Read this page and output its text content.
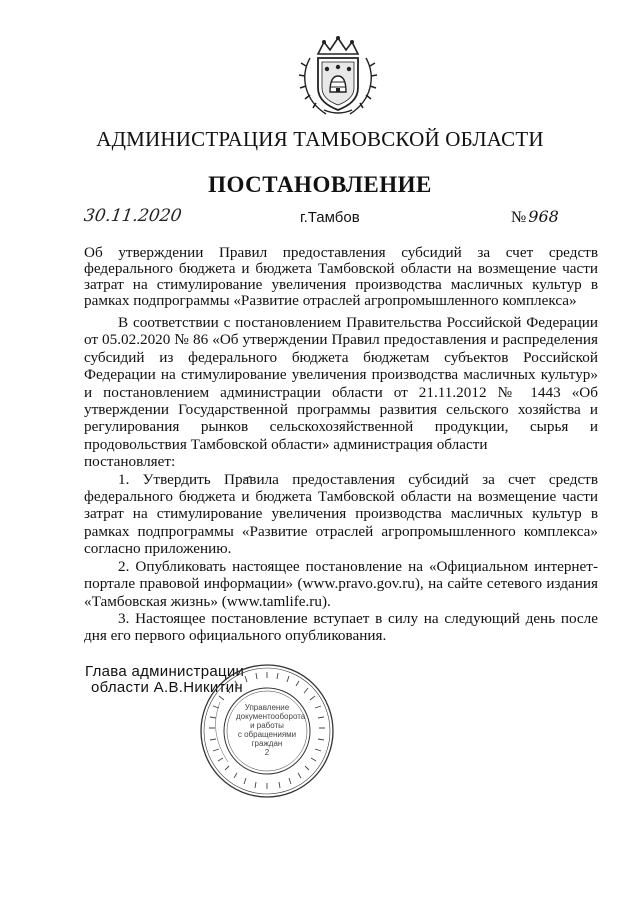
АДМИНИСТРАЦИЯ ТАМБОВСКОЙ ОБЛАСТИ
ПОСТАНОВЛЕНИЕ
30.11.2020	г.Тамбов	№ 968
Об утверждении Правил предоставления субсидий за счет средств федерального бюджета и бюджета Тамбовской области на возмещение части затрат на стимулирование увеличения производства масличных культур в рамках подпрограммы «Развитие отраслей агропромышленного комплекса»

В соответствии с постановлением Правительства Российской Федерации от 05.02.2020 № 86 «Об утверждении Правил предоставления и распределения субсидий из федерального бюджета бюджетам субъектов Российской Федерации на стимулирование увеличения производства масличных культур» и постановлением администрации области от 21.11.2012 № 1443 «Об утверждении Государственной программы развития сельского хозяйства и регулирования рынков сельскохозяйственной продукции, сырья и продовольствия Тамбовской области» администрация области

постановляет:

1. Утвердить Правила предоставления субсидий за счет средств федерального бюджета и бюджета Тамбовской области на возмещение части затрат на стимулирование увеличения производства масличных культур в рамках подпрограммы «Развитие отраслей агропромышленного комплекса» согласно приложению.

2. Опубликовать настоящее постановление на «Официальном интернет-портале правовой информации» (www.pravo.gov.ru), на сайте сетевого издания «Тамбовская жизнь» (www.tamlife.ru).

3. Настоящее постановление вступает в силу на следующий день после дня его первого официального опубликования.

Глава администрации
области А.В.Никитин
Управление
документооборота
и работы
с обращениями
граждан
2
